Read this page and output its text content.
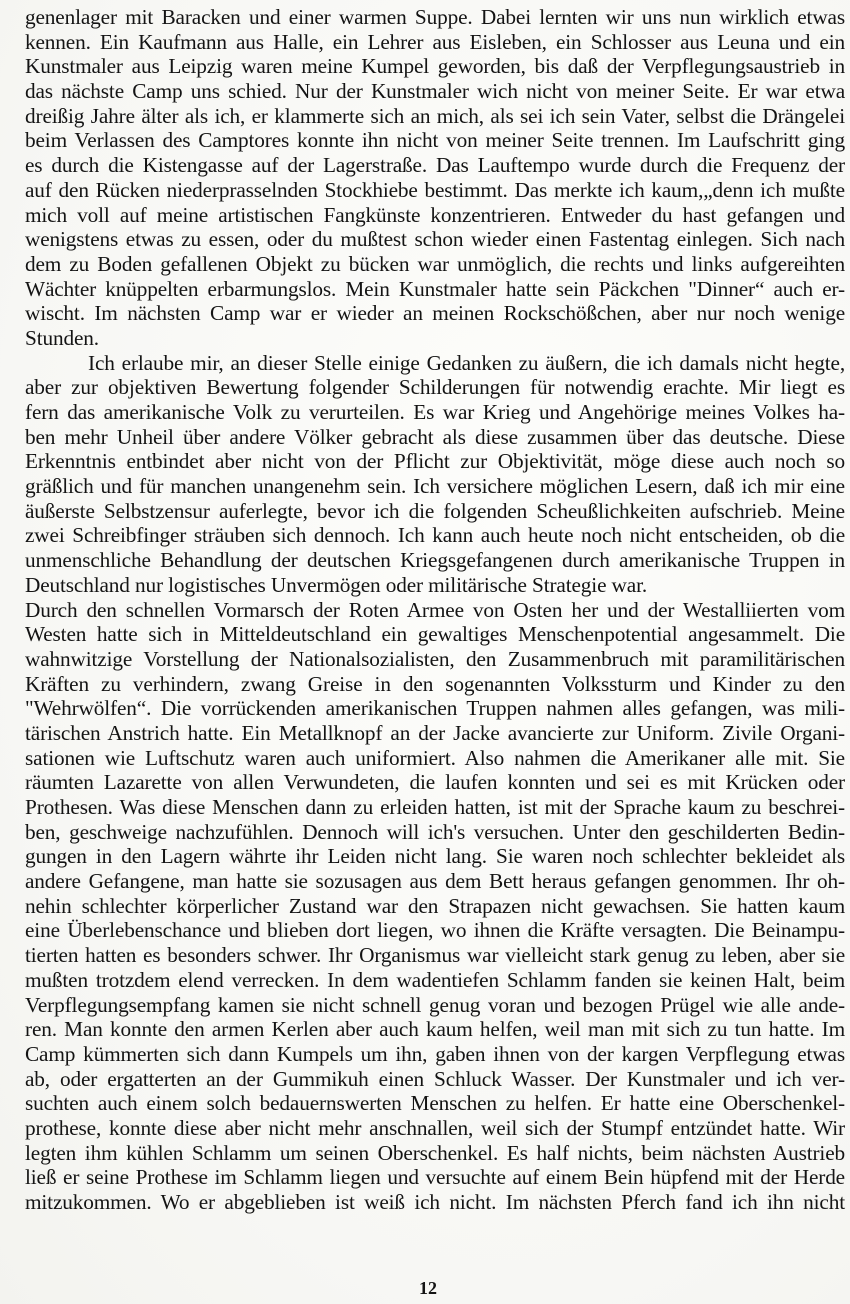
genenlager mit Baracken und einer warmen Suppe. Dabei lernten wir uns nun wirklich etwas
kennen. Ein Kaufmann aus Halle, ein Lehrer aus Eisleben, ein Schlosser aus Leuna und ein
Kunstmaler aus Leipzig waren meine Kumpel geworden, bis daß der Verpflegungsaustrieb in
das nächste Camp uns schied. Nur der Kunstmaler wich nicht von meiner Seite. Er war etwa
dreißig Jahre älter als ich, er klammerte sich an mich, als sei ich sein Vater, selbst die Drängelei
beim Verlassen des Camptores konnte ihn nicht von meiner Seite trennen. Im Laufschritt ging
es durch die Kistengasse auf der Lagerstraße. Das Lauftempo wurde durch die Frequenz der
auf den Rücken niederprasselnden Stockhiebe bestimmt. Das merkte ich kaum,„denn ich mußte
mich voll auf meine artistischen Fangkünste konzentrieren. Entweder du hast gefangen und
wenigstens etwas zu essen, oder du mußtest schon wieder einen Fastentag einlegen. Sich nach
dem zu Boden gefallenen Objekt zu bücken war unmöglich, die rechts und links aufgereihten
Wächter knüppelten erbarmungslos. Mein Kunstmaler hatte sein Päckchen "Dinner“ auch er-
wischt. Im nächsten Camp war er wieder an meinen Rockschößchen, aber nur noch wenige
Stunden.
Ich erlaube mir, an dieser Stelle einige Gedanken zu äußern, die ich damals nicht hegte,
aber zur objektiven Bewertung folgender Schilderungen für notwendig erachte. Mir liegt es
fern das amerikanische Volk zu verurteilen. Es war Krieg und Angehörige meines Volkes ha-
ben mehr Unheil über andere Völker gebracht als diese zusammen über das deutsche. Diese
Erkenntnis entbindet aber nicht von der Pflicht zur Objektivität, möge diese auch noch so
gräßlich und für manchen unangenehm sein. Ich versichere möglichen Lesern, daß ich mir eine
äußerste Selbstzensur auferlegte, bevor ich die folgenden Scheußlichkeiten aufschrieb. Meine
zwei Schreibfinger sträuben sich dennoch. Ich kann auch heute noch nicht entscheiden, ob die
unmenschliche Behandlung der deutschen Kriegsgefangenen durch amerikanische Truppen in
Deutschland nur logistisches Unvermögen oder militärische Strategie war.
Durch den schnellen Vormarsch der Roten Armee von Osten her und der Westalliierten vom
Westen hatte sich in Mitteldeutschland ein gewaltiges Menschenpotential angesammelt. Die
wahnwitzige Vorstellung der Nationalsozialisten, den Zusammenbruch mit paramilitärischen
Kräften zu verhindern, zwang Greise in den sogenannten Volkssturm und Kinder zu den
"Wehrwölfen“. Die vorrückenden amerikanischen Truppen nahmen alles gefangen, was mili-
tärischen Anstrich hatte. Ein Metallknopf an der Jacke avancierte zur Uniform. Zivile Organi-
sationen wie Luftschutz waren auch uniformiert. Also nahmen die Amerikaner alle mit. Sie
räumten Lazarette von allen Verwundeten, die laufen konnten und sei es mit Krücken oder
Prothesen. Was diese Menschen dann zu erleiden hatten, ist mit der Sprache kaum zu beschrei-
ben, geschweige nachzufühlen. Dennoch will ich's versuchen. Unter den geschilderten Bedin-
gungen in den Lagern währte ihr Leiden nicht lang. Sie waren noch schlechter bekleidet als
andere Gefangene, man hatte sie sozusagen aus dem Bett heraus gefangen genommen. Ihr oh-
nehin schlechter körperlicher Zustand war den Strapazen nicht gewachsen. Sie hatten kaum
eine Überlebenschance und blieben dort liegen, wo ihnen die Kräfte versagten. Die Beinampu-
tierten hatten es besonders schwer. Ihr Organismus war vielleicht stark genug zu leben, aber sie
mußten trotzdem elend verrecken. In dem wadentiefen Schlamm fanden sie keinen Halt, beim
Verpflegungsempfang kamen sie nicht schnell genug voran und bezogen Prügel wie alle ande-
ren. Man konnte den armen Kerlen aber auch kaum helfen, weil man mit sich zu tun hatte. Im
Camp kümmerten sich dann Kumpels um ihn, gaben ihnen von der kargen Verpflegung etwas
ab, oder ergatterten an der Gummikuh einen Schluck Wasser. Der Kunstmaler und ich ver-
suchten auch einem solch bedauernswerten Menschen zu helfen. Er hatte eine Oberschenkel-
prothese, konnte diese aber nicht mehr anschnallen, weil sich der Stumpf entzündet hatte. Wir
legten ihm kühlen Schlamm um seinen Oberschenkel. Es half nichts, beim nächsten Austrieb
ließ er seine Prothese im Schlamm liegen und versuchte auf einem Bein hüpfend mit der Herde
mitzukommen. Wo er abgeblieben ist weiß ich nicht. Im nächsten Pferch fand ich ihn nicht
12
